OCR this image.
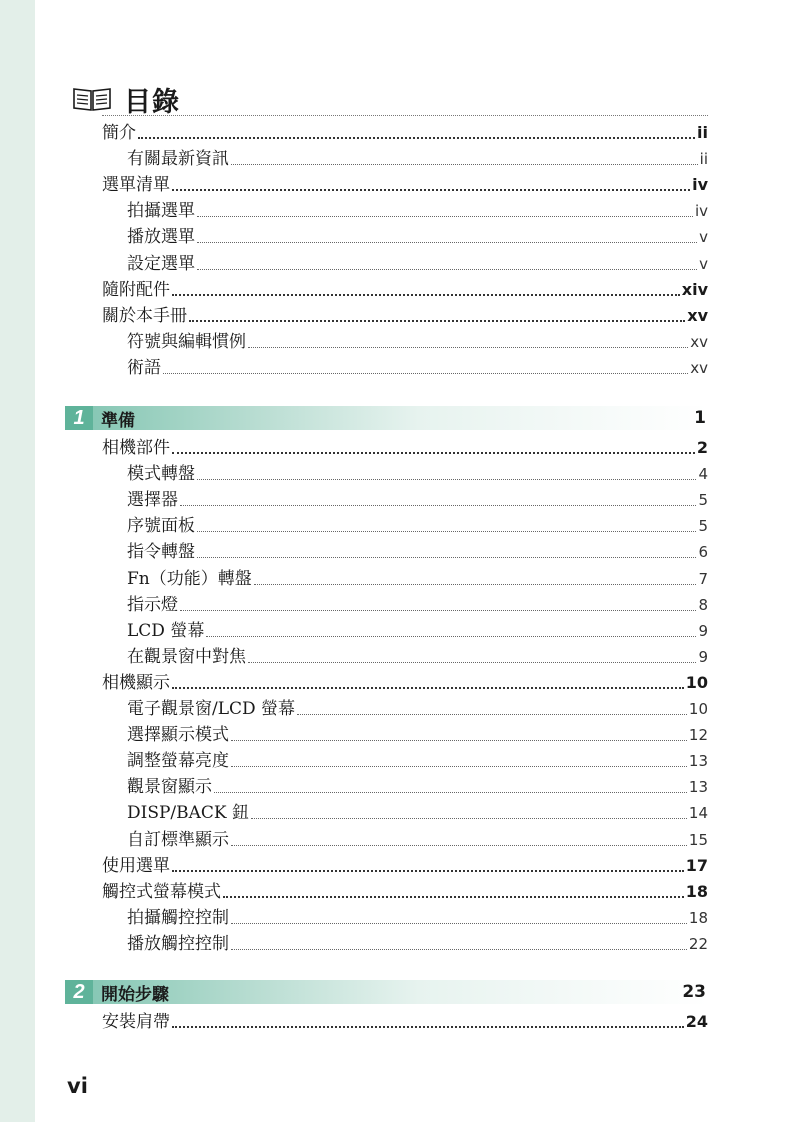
目錄
簡介	ii
有關最新資訊	ii
選單清單	iv
拍攝選單	iv
播放選單	v
設定選單	v
隨附配件	xiv
關於本手冊	xv
符號與編輯慣例	xv
術語	xv
1 準備	1
相機部件	2
模式轉盤	4
選擇器	5
序號面板	5
指令轉盤	6
Fn（功能）轉盤	7
指示燈	8
LCD 螢幕	9
在觀景窗中對焦	9
相機顯示	10
電子觀景窗/LCD 螢幕	10
選擇顯示模式	12
調整螢幕亮度	13
觀景窗顯示	13
DISP/BACK 鈕	14
自訂標準顯示	15
使用選單	17
觸控式螢幕模式	18
拍攝觸控控制	18
播放觸控控制	22
2 開始步驟	23
安裝肩帶	24
vi
